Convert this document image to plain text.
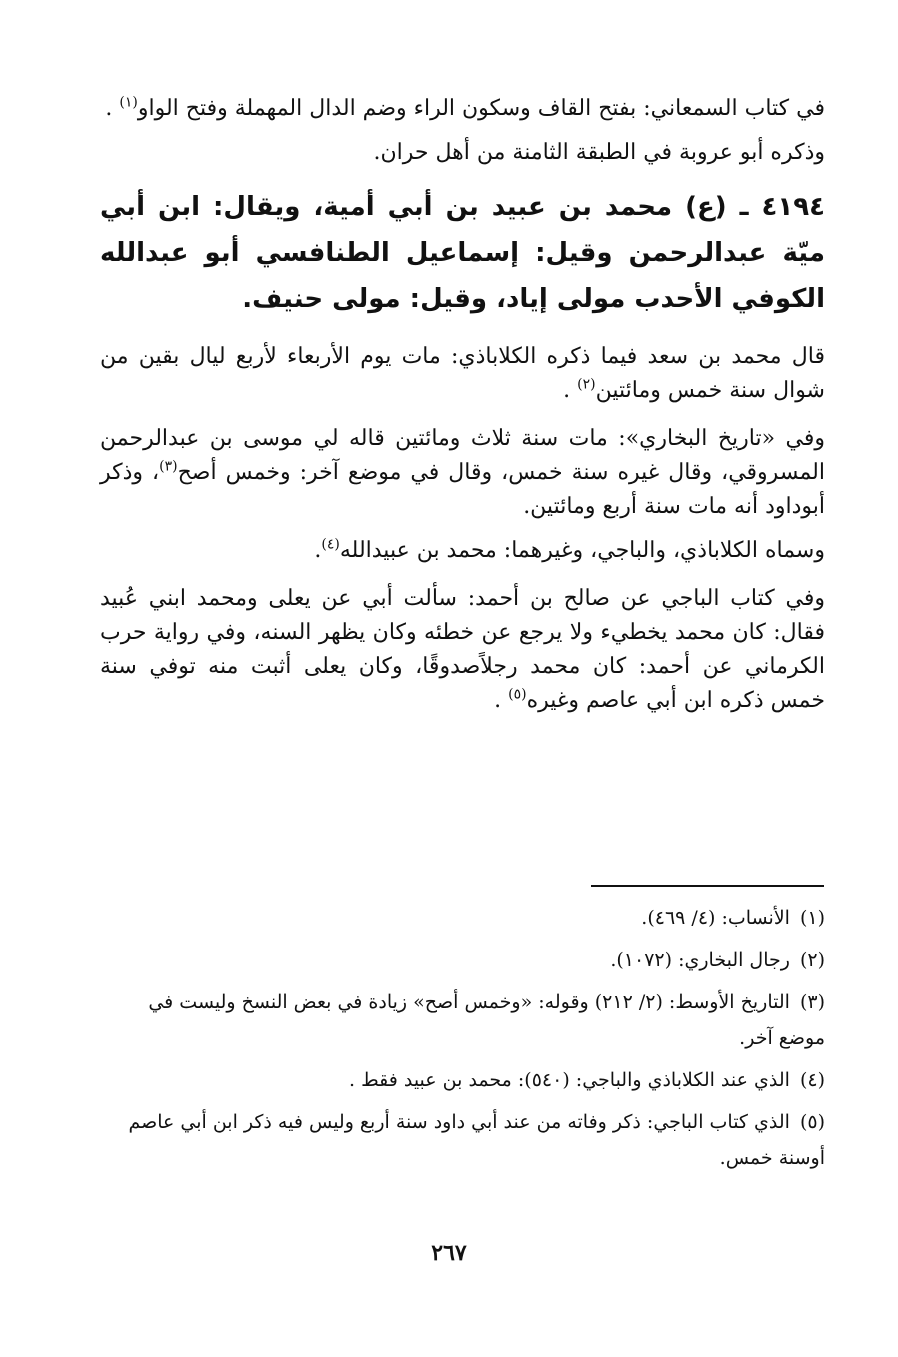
في كتاب السمعاني: بفتح القاف وسكون الراء وضم الدال المهملة وفتح الواو$^{(١)}$ .

وذكره أبو عروبة في الطبقة الثامنة من أهل حران.

٤١٩٤ ـ (ع) محمد بن عبيد بن أبي أمية، ويقال: ابن أبي ميّة عبدالرحمن وقيل: إسماعيل الطنافسي أبو عبدالله الكوفي الأحدب مولى إياد، وقيل: مولى حنيف.

قال محمد بن سعد فيما ذكره الكلاباذي: مات يوم الأربعاء لأربع ليال بقين من شوال سنة خمس ومائتين$^{(٢)}$ .

وفي «تاريخ البخاري»: مات سنة ثلاث ومائتين قاله لي موسى بن عبدالرحمن المسروقي، وقال غيره سنة خمس، وقال في موضع آخر: وخمس أصح$^{(٣)}$، وذكر أبوداود أنه مات سنة أربع ومائتين.

وسماه الكلاباذي، والباجي، وغيرهما: محمد بن عبيدالله$^{(٤)}$.

وفي كتاب الباجي عن صالح بن أحمد: سألت أبي عن يعلى ومحمد ابني عُبيد فقال: كان محمد يخطيء ولا يرجع عن خطئه وكان يظهر السنه، وفي رواية حرب الكرماني عن أحمد: كان محمد رجلاًصدوقًا، وكان يعلى أثبت منه توفي سنة خمس ذكره ابن أبي عاصم وغيره$^{(٥)}$ .

(١)الأنساب: (٤/ ٤٦٩).

(٢)رجال البخاري: (١٠٧٢).

(٣)التاريخ الأوسط: (٢/ ٢١٢) وقوله: «وخمس أصح» زيادة في بعض النسخ وليست في موضع آخر.

(٤)الذي عند الكلاباذي والباجي: (٥٤٠): محمد بن عبيد فقط .

(٥)الذي كتاب الباجي: ذكر وفاته من عند أبي داود سنة أربع وليس فيه ذكر ابن أبي عاصم أوسنة خمس.

٢٦٧
